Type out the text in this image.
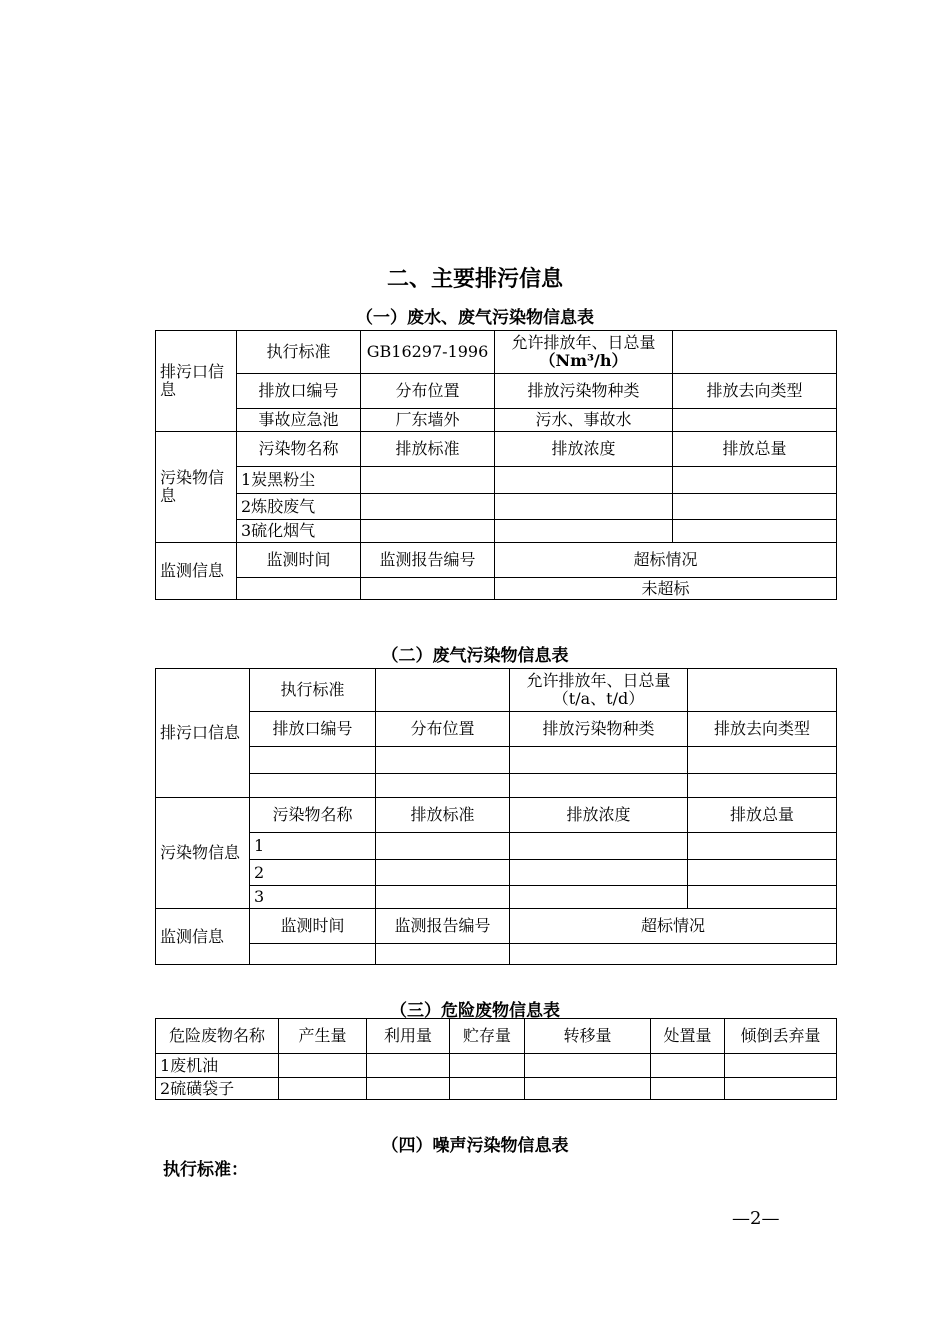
二、主要排污信息
（一）废水、废气污染物信息表
排污口信息	执行标准	GB16297-1996	允许排放年、日总量
（Nm³/h）	

	排放口编号	分布位置	排放污染物种类	排放去向类型
	事故应急池	厂东墙外	污水、事故水	
污染物信息	污染物名称	排放标准	排放浓度	排放总量
	1炭黑粉尘			
	2炼胶废气			
	3硫化烟气			
监测信息	监测时间	监测报告编号	超标情况	
			未超标	
（二）废气污染物信息表
排污口信息	执行标准		允许排放年、日总量
（t/a、t/d）	

	排放口编号	分布位置	排放污染物种类	排放去向类型

污染物信息	污染物名称	排放标准	排放浓度	排放总量
	1			
	2			
	3			
监测信息	监测时间	监测报告编号	超标情况	

（三）危险废物信息表
危险废物名称	产生量	利用量	贮存量	转移量	处置量	倾倒丢弃量
1废机油						
2硫磺袋子						
（四）噪声污染物信息表
执行标准：
—2—
